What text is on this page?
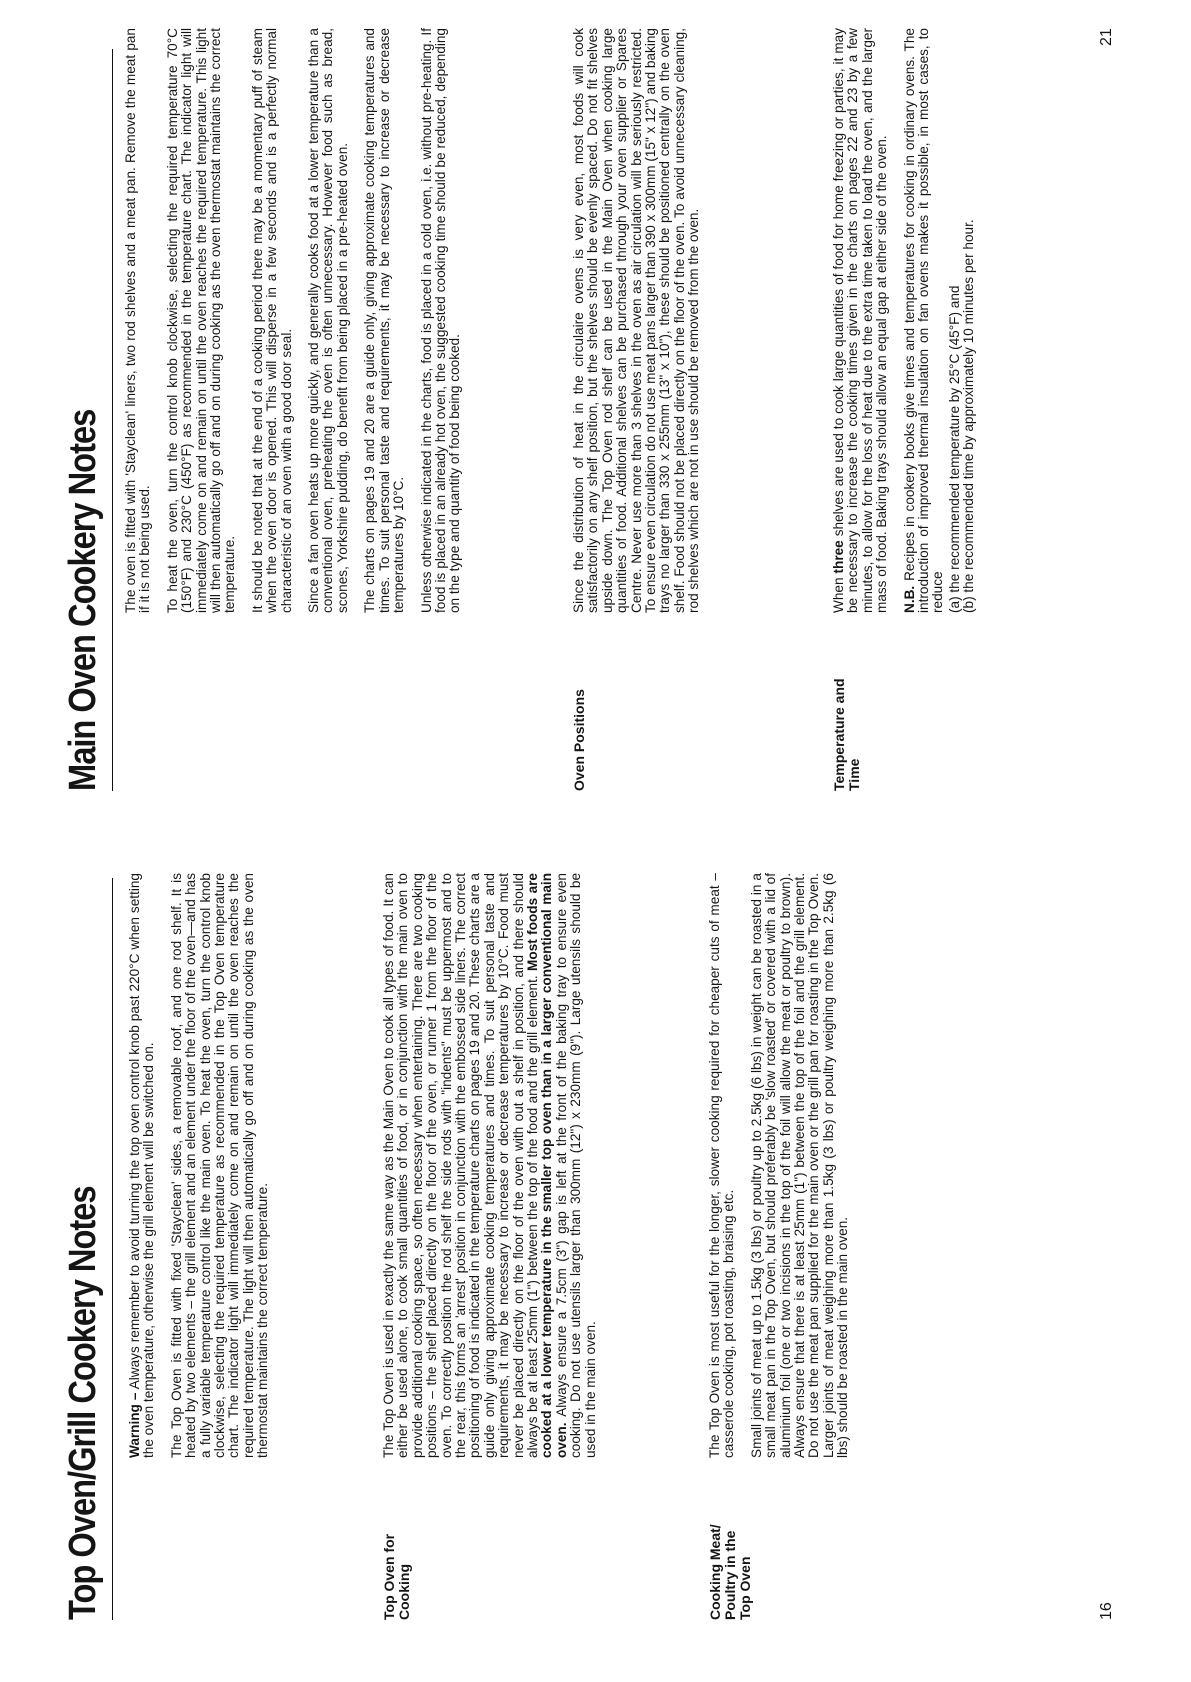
Top Oven/Grill Cookery Notes Warning – Always remember to avoid turning the top oven control knob past 220°C when setting the oven temperature, otherwise the grill element will be switched on. The Top Oven is fitted with fixed 'Stayclean' sides, a removable roof, and one rod shelf. It is heated by two elements – the grill element and an element under the floor of the oven—and has a fully variable temperature control like the main oven. To heat the oven, turn the control knob clockwise, selecting the required temperature as recommended in the Top Oven temperature chart. The indicator light will immediately come on and remain on until the oven reaches the required temperature. The light will then automatically go off and on during cooking as the oven thermostat maintains the correct temperature.

Top Oven for Cooking

The Top Oven is used in exactly the same way as the Main Oven to cook all types of food. It can either be used alone, to cook small quantities of food, or in conjunction with the main oven to provide additional cooking space, so often necessary when entertaining. There are two cooking positions – the shelf placed directly on the floor of the oven, or runner 1 from the floor of the oven. To correctly position the rod shelf the side rods with "indents" must be uppermost and to the rear, this forms an 'arrest' position in conjunction with the embossed side liners. The correct positioning of food is indicated in the temperature charts on pages 19 and 20. These charts are a guide only giving approximate cooking temperatures and times. To suit personal taste and requirements, it may be necessary to increase or decrease temperatures by 10°C. Food must never be placed directly on the floor of the oven with out a shelf in position, and there should always be at least 25mm (1") between the top of the food and the grill element. Most foods are cooked at a lower temperature in the smaller top oven than in a larger conventional main oven. Always ensure a 7.5cm (3") gap is left at the front of the baking tray to ensure even cooking. Do not use utensils larger than 300mm (12") x 230mm (9"). Large utensils should be used in the main oven.

Cooking Meat/ Poultry in the Top Oven

The Top Oven is most useful for the longer, slower cooking required for cheaper cuts of meat – casserole cooking, pot roasting, braising etc. Small joints of meat up to 1.5kg (3 lbs) or poultry up to 2.5kg (6 lbs) in weight can be roasted in a small meat pan in the Top Oven, but should preferably be 'slow roasted' or covered with a lid of aluminium foil (one or two incisions in the top of the foil will allow the meat or poultry to brown). Always ensure that there is at least 25mm (1") between the top of the foil and the grill element. Do not use the meat pan supplied for the main oven or the grill pan for roasting in the Top Oven. Larger joints of meat weighing more than 1.5kg (3 lbs) or poultry weighing more than 2.5kg (6 lbs) should be roasted in the main oven.

16
Main Oven Cookery Notes The oven is fitted with 'Stayclean' liners, two rod shelves and a meat pan. Remove the meat pan if it is not being used. To heat the oven, turn the control knob clockwise, selecting the required temperature 70°C (150°F) and 230°C (450°F) as recommended in the temperature chart. The indicator light will immediately come on and remain on until the oven reaches the required temperature. This light will then automatically go off and on during cooking as the oven thermostat maintains the correct temperature. It should be noted that at the end of a cooking period there may be a momentary puff of steam when the oven door is opened. This will disperse in a few seconds and is a perfectly normal characteristic of an oven with a good door seal. Since a fan oven heats up more quickly, and generally cooks food at a lower temperature than a conventional oven, preheating the oven is often unnecessary. However food such as bread, scones, Yorkshire pudding, do benefit from being placed in a pre-heated oven. The charts on pages 19 and 20 are a guide only, giving approximate cooking temperatures and times. To suit personal taste and requirements, it may be necessary to increase or decrease temperatures by 10°C. Unless otherwise indicated in the charts, food is placed in a cold oven, i.e. without pre-heating. If food is placed in an already hot oven, the suggested cooking time should be reduced, depending on the type and quantity of food being cooked.

Oven Positions

Since the distribution of heat in the circulaire ovens is very even, most foods will cook satisfactorily on any shelf position, but the shelves should be evenly spaced. Do not fit shelves upside down. The Top Oven rod shelf can be used in the Main Oven when cooking large quantities of food. Additional shelves can be purchased through your oven supplier or Spares Centre. Never use more than 3 shelves in the oven as air circulation will be seriously restricted. To ensure even circulation do not use meat pans larger than 390 x 300mm (15" x 12") and baking trays no larger than 330 x 255mm (13" x 10"), these should be positioned centrally on the oven shelf. Food should not be placed directly on the floor of the oven. To avoid unnecessary cleaning, rod shelves which are not in use should be removed from the oven.

Temperature and Time

When three shelves are used to cook large quantities of food for home freezing or parties, it may be necessary to increase the cooking times given in the charts on pages 22 and 23 by a few minutes, to allow for the loss of heat due to the extra time taken to load the oven, and the larger mass of food. Baking trays should allow an equal gap at either side of the oven. N.B. Recipes in cookery books give times and temperatures for cooking in ordinary ovens. The introduction of improved thermal insulation on fan ovens makes it possible, in most cases, to reduce (a) the recommended temperature by 25°C (45°F) and (b) the recommended time by approximately 10 minutes per hour.
21
